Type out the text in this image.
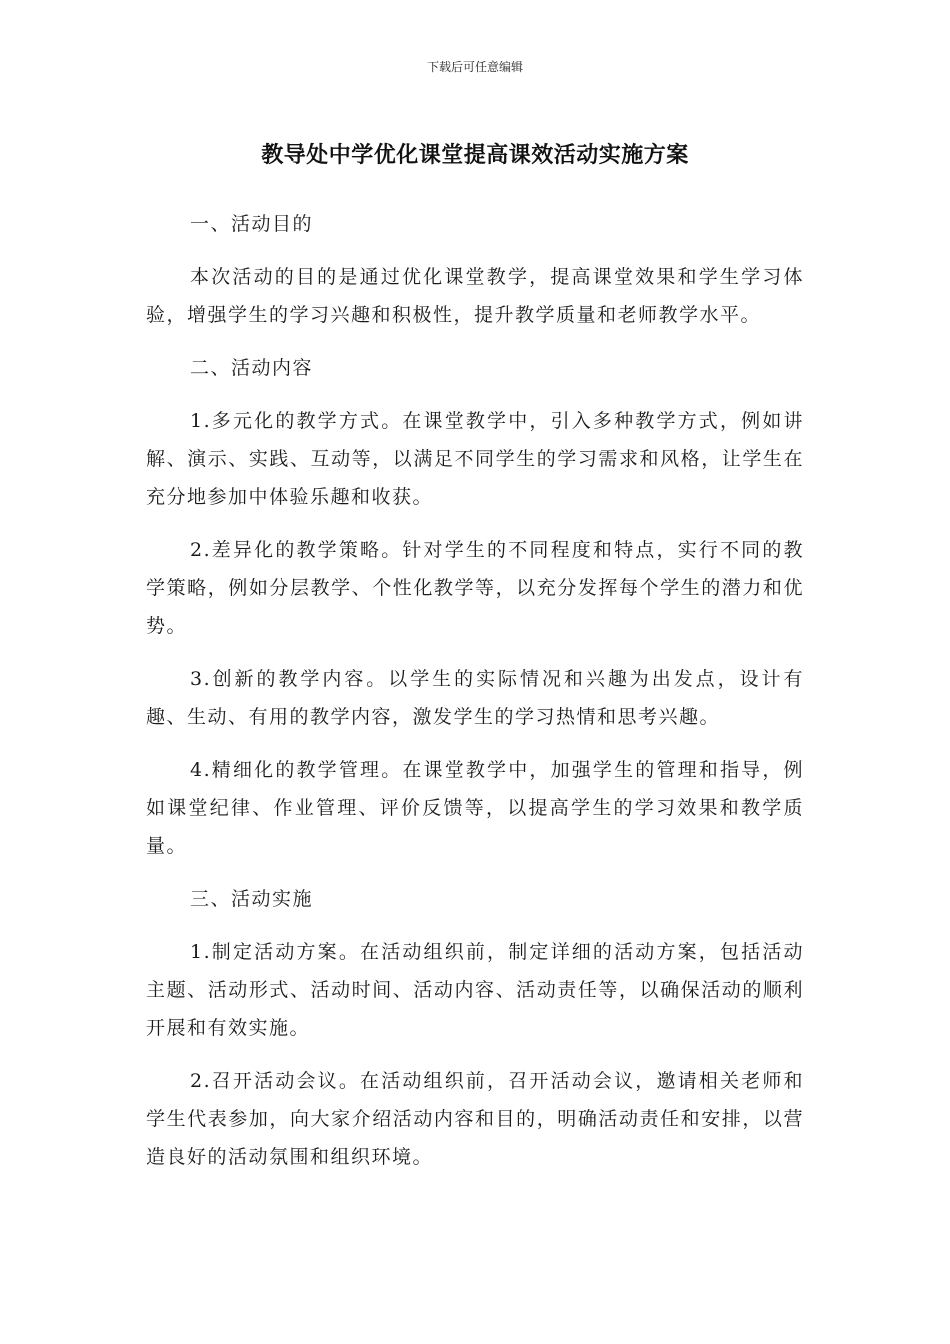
下载后可任意编辑
教导处中学优化课堂提高课效活动实施方案

一、活动目的

本次活动的目的是通过优化课堂教学，提高课堂效果和学生学习体验，增强学生的学习兴趣和积极性，提升教学质量和老师教学水平。

二、活动内容

1.多元化的教学方式。在课堂教学中，引入多种教学方式，例如讲解、演示、实践、互动等，以满足不同学生的学习需求和风格，让学生在充分地参加中体验乐趣和收获。

2.差异化的教学策略。针对学生的不同程度和特点，实行不同的教学策略，例如分层教学、个性化教学等，以充分发挥每个学生的潜力和优势。

3.创新的教学内容。以学生的实际情况和兴趣为出发点，设计有趣、生动、有用的教学内容，激发学生的学习热情和思考兴趣。

4.精细化的教学管理。在课堂教学中，加强学生的管理和指导，例如课堂纪律、作业管理、评价反馈等，以提高学生的学习效果和教学质量。

三、活动实施

1.制定活动方案。在活动组织前，制定详细的活动方案，包括活动主题、活动形式、活动时间、活动内容、活动责任等，以确保活动的顺利开展和有效实施。

2.召开活动会议。在活动组织前，召开活动会议，邀请相关老师和学生代表参加，向大家介绍活动内容和目的，明确活动责任和安排，以营造良好的活动氛围和组织环境。
